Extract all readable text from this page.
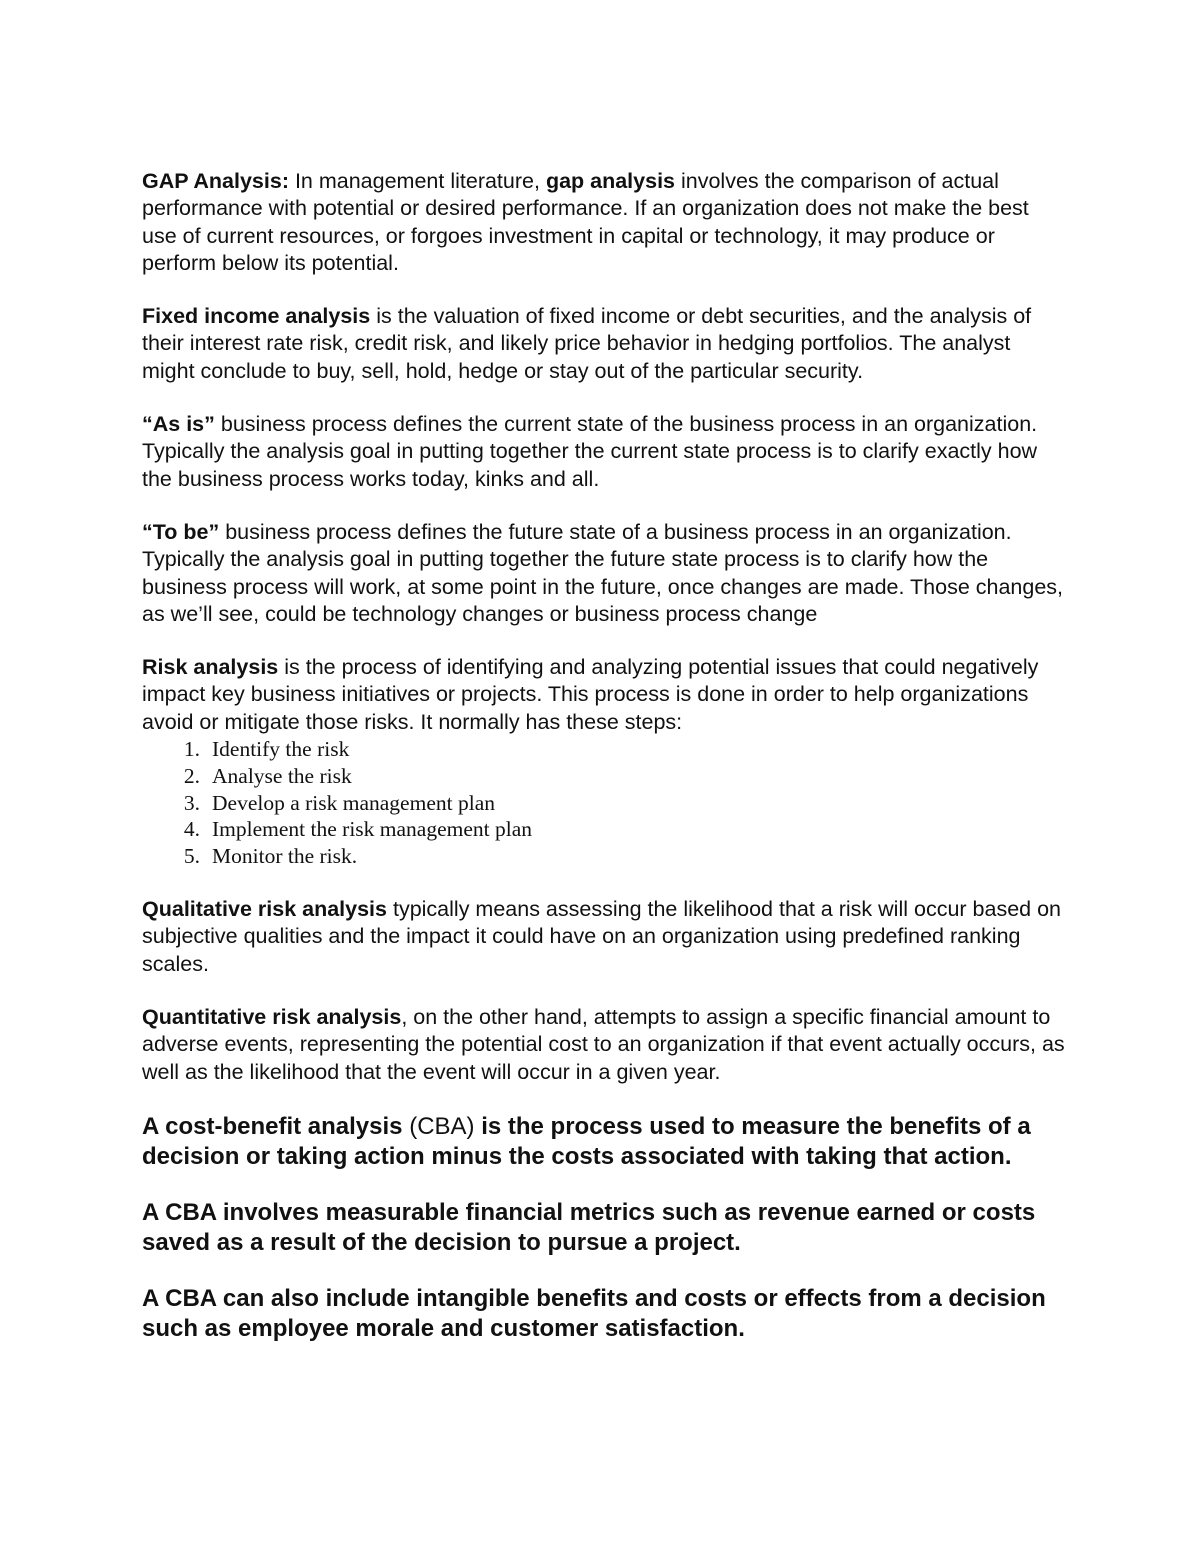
GAP Analysis: In management literature, gap analysis involves the comparison of actual performance with potential or desired performance. If an organization does not make the best use of current resources, or forgoes investment in capital or technology, it may produce or perform below its potential.

Fixed income analysis is the valuation of fixed income or debt securities, and the analysis of their interest rate risk, credit risk, and likely price behavior in hedging portfolios. The analyst might conclude to buy, sell, hold, hedge or stay out of the particular security.

“As is” business process defines the current state of the business process in an organization. Typically the analysis goal in putting together the current state process is to clarify exactly how the business process works today, kinks and all.

“To be” business process defines the future state of a business process in an organization. Typically the analysis goal in putting together the future state process is to clarify how the business process will work, at some point in the future, once changes are made. Those changes, as we’ll see, could be technology changes or business process change

Risk analysis is the process of identifying and analyzing potential issues that could negatively impact key business initiatives or projects. This process is done in order to help organizations avoid or mitigate those risks. It normally has these steps:

1. Identify the risk
2. Analyse the risk
3. Develop a risk management plan
4. Implement the risk management plan
5. Monitor the risk.

Qualitative risk analysis typically means assessing the likelihood that a risk will occur based on subjective qualities and the impact it could have on an organization using predefined ranking scales.

Quantitative risk analysis, on the other hand, attempts to assign a specific financial amount to adverse events, representing the potential cost to an organization if that event actually occurs, as well as the likelihood that the event will occur in a given year.

A cost-benefit analysis (CBA) is the process used to measure the benefits of a decision or taking action minus the costs associated with taking that action.

A CBA involves measurable financial metrics such as revenue earned or costs saved as a result of the decision to pursue a project.

A CBA can also include intangible benefits and costs or effects from a decision such as employee morale and customer satisfaction.
